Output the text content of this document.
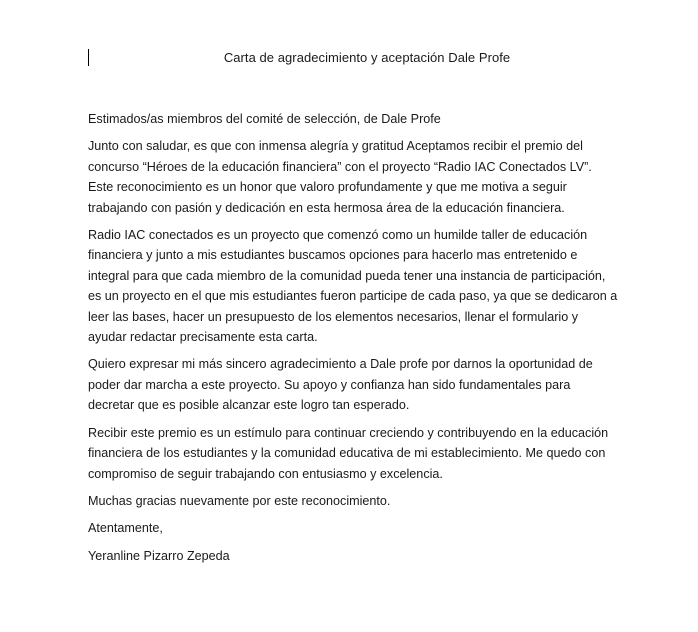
Carta de agradecimiento y aceptación Dale Profe

Estimados/as miembros del comité de selección, de Dale Profe

Junto con saludar, es que con inmensa alegría y gratitud Aceptamos recibir el premio del concurso “Héroes de la educación financiera” con el proyecto “Radio IAC Conectados LV”. Este reconocimiento es un honor que valoro profundamente y que me motiva a seguir trabajando con pasión y dedicación en esta hermosa área de la educación financiera.

Radio IAC conectados es un proyecto que comenzó como un humilde taller de educación financiera y junto a mis estudiantes buscamos opciones para hacerlo mas entretenido e integral para que cada miembro de la comunidad pueda tener una instancia de participación, es un proyecto en el que mis estudiantes fueron participe de cada paso, ya que se dedicaron a leer las bases, hacer un presupuesto de los elementos necesarios, llenar el formulario y ayudar redactar precisamente esta carta.

Quiero expresar mi más sincero agradecimiento a Dale profe por darnos la oportunidad de poder dar marcha a este proyecto. Su apoyo y confianza han sido fundamentales para decretar que es posible alcanzar este logro tan esperado.

Recibir este premio es un estímulo para continuar creciendo y contribuyendo en la educación financiera de los estudiantes y la comunidad educativa de mi establecimiento. Me quedo con compromiso de seguir trabajando con entusiasmo y excelencia.

Muchas gracias nuevamente por este reconocimiento.

Atentamente,

Yeranline Pizarro Zepeda
